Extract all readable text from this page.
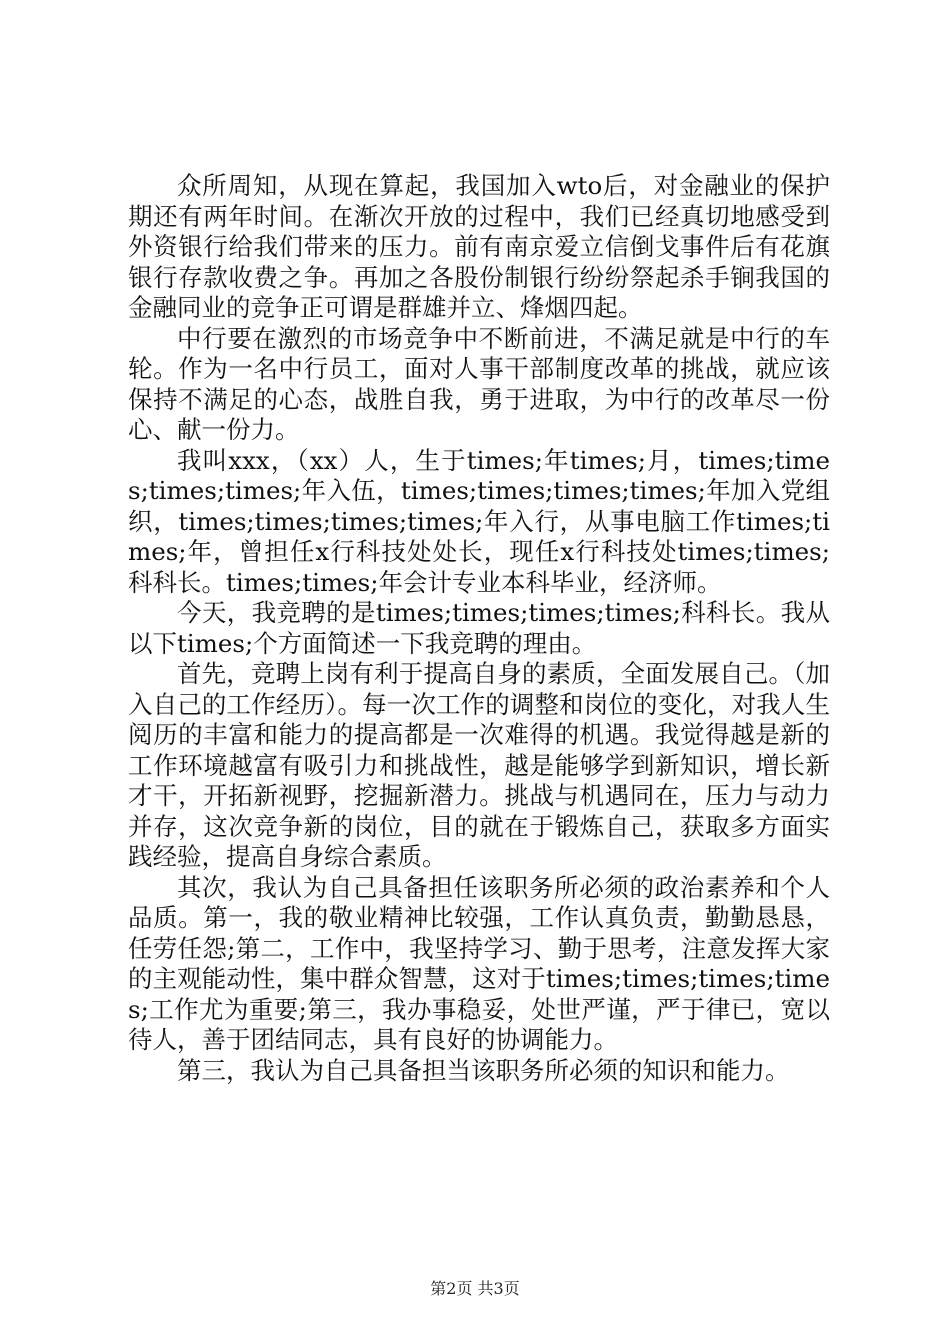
众所周知，从现在算起，我国加入wto后，对金融业的保护期还有两年时间。在渐次开放的过程中，我们已经真切地感受到外资银行给我们带来的压力。前有南京爱立信倒戈事件后有花旗银行存款收费之争。再加之各股份制银行纷纷祭起杀手锏我国的金融同业的竞争正可谓是群雄并立、烽烟四起。

中行要在激烈的市场竞争中不断前进，不满足就是中行的车轮。作为一名中行员工，面对人事干部制度改革的挑战，就应该保持不满足的心态，战胜自我，勇于进取，为中行的改革尽一份心、献一份力。

我叫xxx，（xx）人，生于times;年times;月，times;times;times;times;年入伍，times;times;times;times;年加入党组织，times;times;times;times;年入行，从事电脑工作times;times;年，曾担任x行科技处处长，现任x行科技处times;times;科科长。times;times;年会计专业本科毕业，经济师。

今天，我竞聘的是times;times;times;times;科科长。我从以下times;个方面简述一下我竞聘的理由。

首先，竞聘上岗有利于提高自身的素质，全面发展自己。（加入自己的工作经历）。每一次工作的调整和岗位的变化，对我人生阅历的丰富和能力的提高都是一次难得的机遇。我觉得越是新的工作环境越富有吸引力和挑战性，越是能够学到新知识，增长新才干，开拓新视野，挖掘新潜力。挑战与机遇同在，压力与动力并存，这次竞争新的岗位，目的就在于锻炼自己，获取多方面实践经验，提高自身综合素质。

其次，我认为自己具备担任该职务所必须的政治素养和个人品质。第一，我的敬业精神比较强，工作认真负责，勤勤恳恳，任劳任怨;第二，工作中，我坚持学习、勤于思考，注意发挥大家的主观能动性，集中群众智慧，这对于times;times;times;times;工作尤为重要;第三，我办事稳妥，处世严谨，严于律已，宽以待人，善于团结同志，具有良好的协调能力。

第三，我认为自己具备担当该职务所必须的知识和能力。

第2页 共3页
